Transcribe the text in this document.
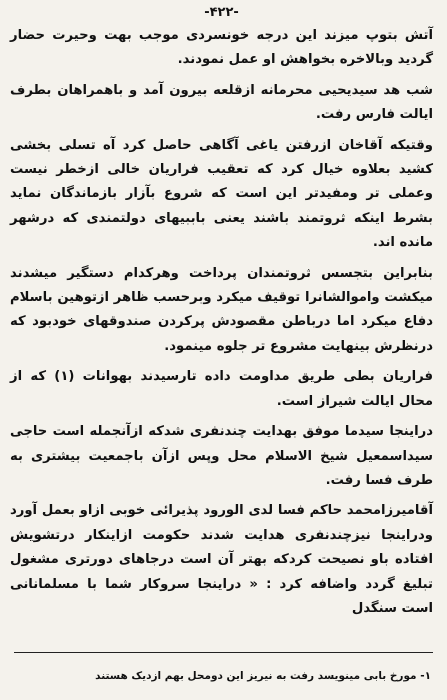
-۴۲۲-

آتش بتوپ میزند این درجه خونسردی موجب بهت وحیرت حضار گردید وبالاخره بخواهش او عمل نمودند.

شب هد سیدیحیی محرمانه ازقلعه بیرون آمد و باهمراهان بطرف ایالت فارس رفت.

وقتیکه آقاخان ازرفتن یاغی آگاهی حاصل کرد آه تسلی بخشی کشید بعلاوه خیال کرد که تعقیب فراریان خالی ازخطر نیست وعملی تر ومفیدتر این است که شروع بآزار بازماندگان نماید بشرط اینکه ثروتمند باشند یعنی باببیهای دولتمندی که درشهر مانده اند.

بنابراین بتجسس ثروتمندان پرداخت وهرکدام دستگیر میشدند میکشت واموالشانرا توقیف میکرد وبرحسب ظاهر ازتوهین باسلام دفاع میکرد اما درباطن مقصودش پرکردن صندوقهای خودبود که درنظرش بینهایت مشروع تر جلوه مینمود.

فراریان بطی طریق مداومت داده تارسیدند بهوانات (۱) که از محال ایالت شیراز است.

دراینجا سیدما موفق بهدایت چندنفری شدکه ازآنجمله است حاجی سیداسمعیل شیخ الاسلام محل وپس ازآن باجمعیت بیشتری به طرف فسا رفت.

آقامیرزامحمد حاکم فسا لدی الورود پذیرائی خوبی ازاو بعمل آورد ودراینجا نیزچندنفری هدایت شدند حکومت ازاینکار درتشویش افتاده باو نصیحت کردکه بهتر آن است درجاهای دورتری مشغول تبلیغ گردد واضافه کرد : « دراینجا سروکار شما با مسلمانانی است سنگدل

۱- مورخ بابی مینویسد رفت به نیریز این دومحل بهم ازدیک هستند
